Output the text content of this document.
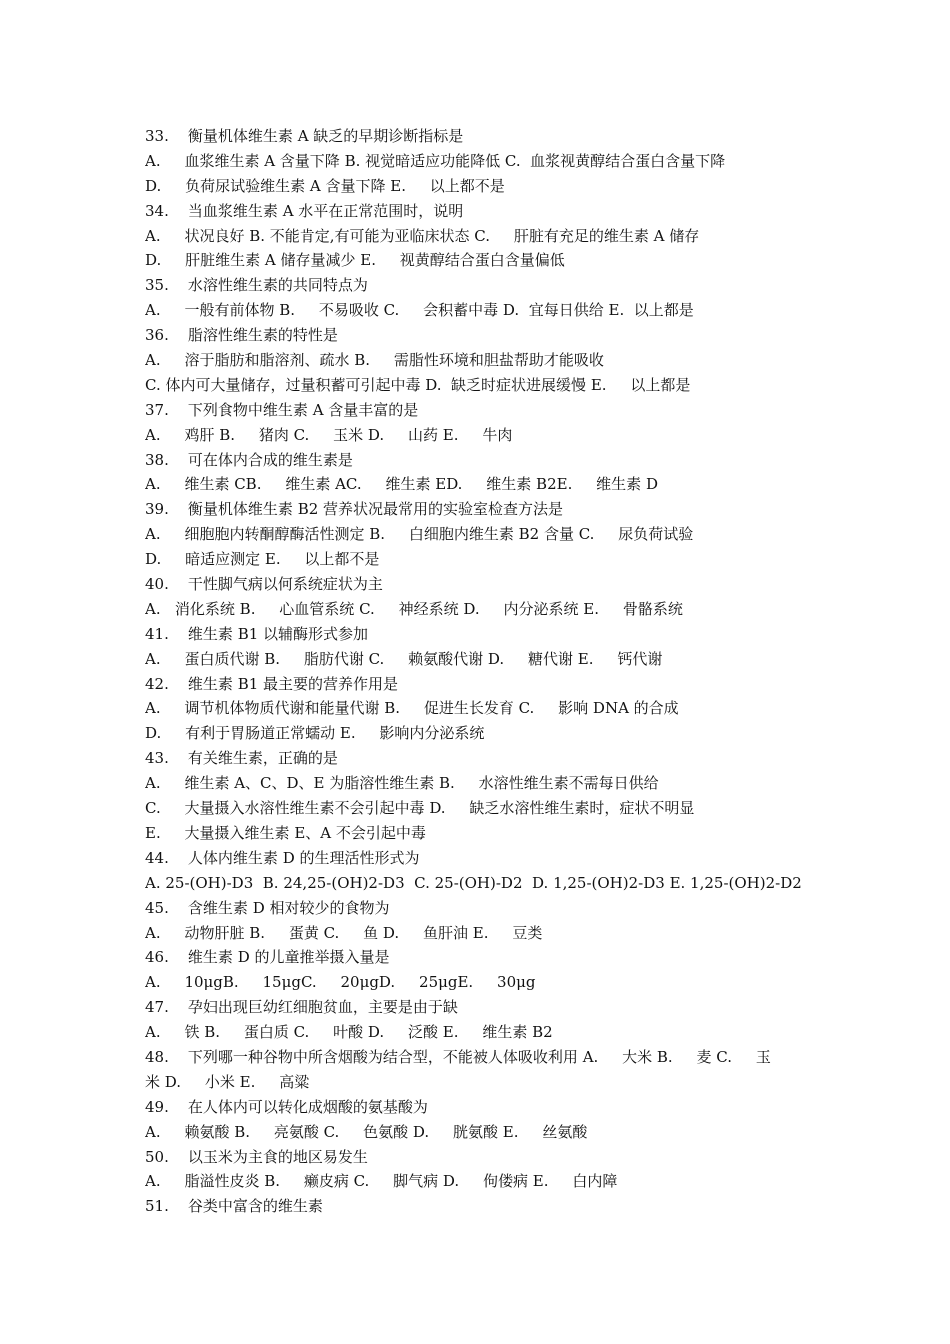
33.    衡量机体维生素 A 缺乏的早期诊断指标是
A.     血浆维生素 A 含量下降 B. 视觉暗适应功能降低 C.  血浆视黄醇结合蛋白含量下降
D.     负荷尿试验维生素 A 含量下降 E.     以上都不是
34.    当血浆维生素 A 水平在正常范围时，说明
A.     状况良好 B. 不能肯定,有可能为亚临床状态 C.     肝脏有充足的维生素 A 储存
D.     肝脏维生素 A 储存量减少 E.     视黄醇结合蛋白含量偏低
35.    水溶性维生素的共同特点为
A.     一般有前体物 B.     不易吸收 C.     会积蓄中毒 D.  宜每日供给 E.  以上都是
36.    脂溶性维生素的特性是
A.     溶于脂肪和脂溶剂、疏水 B.     需脂性环境和胆盐帮助才能吸收
C. 体内可大量储存，过量积蓄可引起中毒 D.  缺乏时症状进展缓慢 E.     以上都是
37.    下列食物中维生素 A 含量丰富的是
A.     鸡肝 B.     猪肉 C.     玉米 D.     山药 E.     牛肉
38.    可在体内合成的维生素是
A.     维生素 CB.     维生素 AC.     维生素 ED.     维生素 B2E.     维生素 D
39.    衡量机体维生素 B2 营养状况最常用的实验室检查方法是
A.     细胞胞内转酮醇酶活性测定 B.     白细胞内维生素 B2 含量 C.     尿负荷试验
D.     暗适应测定 E.     以上都不是
40.    干性脚气病以何系统症状为主
A.   消化系统 B.     心血管系统 C.     神经系统 D.     内分泌系统 E.     骨骼系统
41.    维生素 B1 以辅酶形式参加
A.     蛋白质代谢 B.     脂肪代谢 C.     赖氨酸代谢 D.     糖代谢 E.     钙代谢
42.    维生素 B1 最主要的营养作用是
A.     调节机体物质代谢和能量代谢 B.     促进生长发育 C.     影响 DNA 的合成
D.     有利于胃肠道正常蠕动 E.     影响内分泌系统
43.    有关维生素，正确的是
A.     维生素 A、C、D、E 为脂溶性维生素 B.     水溶性维生素不需每日供给
C.     大量摄入水溶性维生素不会引起中毒 D.     缺乏水溶性维生素时，症状不明显
E.     大量摄入维生素 E、A 不会引起中毒
44.    人体内维生素 D 的生理活性形式为
A. 25-(OH)-D3  B. 24,25-(OH)2-D3  C. 25-(OH)-D2  D. 1,25-(OH)2-D3 E. 1,25-(OH)2-D2
45.    含维生素 D 相对较少的食物为
A.     动物肝脏 B.     蛋黄 C.     鱼 D.     鱼肝油 E.     豆类
46.    维生素 D 的儿童推举摄入量是
A.     10μgB.     15μgC.     20μgD.     25μgE.     30μg
47.    孕妇出现巨幼红细胞贫血，主要是由于缺
A.     铁 B.     蛋白质 C.     叶酸 D.     泛酸 E.     维生素 B2
48.    下列哪一种谷物中所含烟酸为结合型，不能被人体吸收利用 A.     大米 B.     麦 C.     玉
米 D.     小米 E.     高粱
49.    在人体内可以转化成烟酸的氨基酸为
A.     赖氨酸 B.     亮氨酸 C.     色氨酸 D.     胱氨酸 E.     丝氨酸
50.    以玉米为主食的地区易发生
A.     脂溢性皮炎 B.     癞皮病 C.     脚气病 D.     佝偻病 E.     白内障
51.    谷类中富含的维生素
